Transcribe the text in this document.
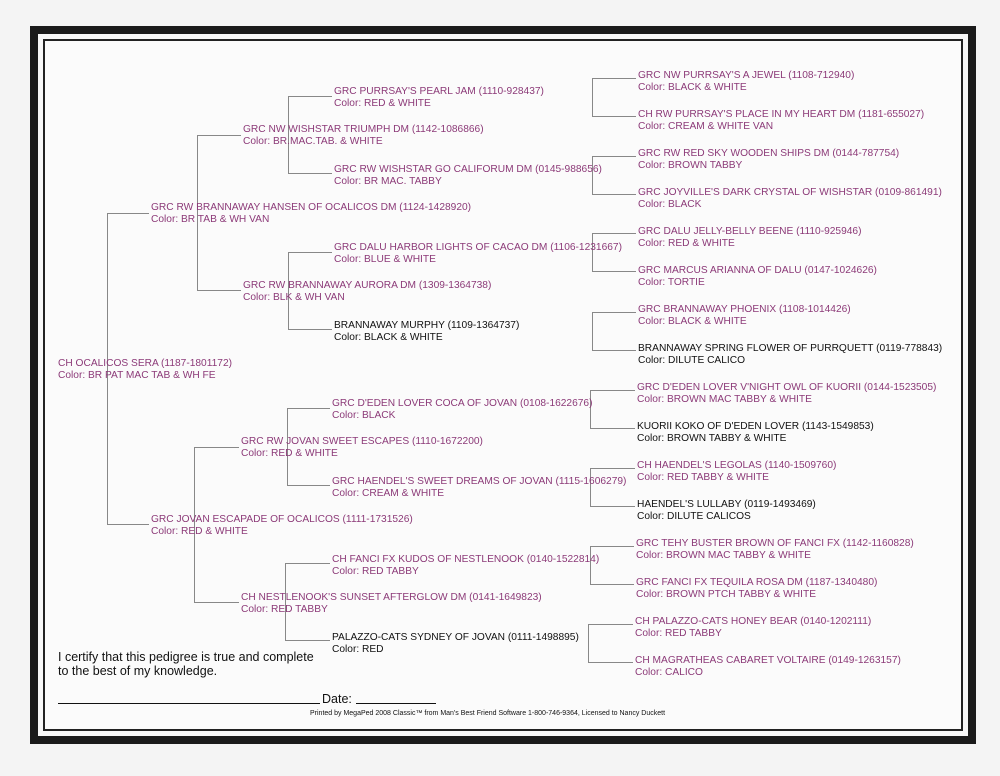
CH OCALICOS SERA (1187-1801172)
Color: BR PAT MAC TAB & WH FE
GRC RW BRANNAWAY HANSEN OF OCALICOS DM (1124-1428920)
Color: BR TAB & WH VAN
GRC JOVAN ESCAPADE OF OCALICOS (1111-1731526)
Color: RED & WHITE
GRC NW WISHSTAR TRIUMPH DM (1142-1086866)
Color: BR.MAC.TAB. & WHITE
GRC RW BRANNAWAY AURORA DM (1309-1364738)
Color: BLK & WH VAN
GRC RW JOVAN SWEET ESCAPES (1110-1672200)
Color: RED & WHITE
CH NESTLENOOK'S SUNSET AFTERGLOW DM (0141-1649823)
Color: RED TABBY
GRC PURRSAY'S PEARL JAM (1110-928437)
Color: RED & WHITE
GRC RW WISHSTAR GO CALIFORUM DM (0145-988656)
Color: BR MAC. TABBY
GRC DALU HARBOR LIGHTS OF CACAO DM (1106-1231667)
Color: BLUE & WHITE
BRANNAWAY MURPHY (1109-1364737)
Color: BLACK & WHITE
GRC D'EDEN LOVER COCA OF JOVAN (0108-1622676)
Color: BLACK
GRC HAENDEL'S SWEET DREAMS OF JOVAN (1115-1606279)
Color: CREAM & WHITE
CH FANCI FX KUDOS OF NESTLENOOK (0140-1522814)
Color: RED TABBY
PALAZZO-CATS SYDNEY OF JOVAN (0111-1498895)
Color: RED
GRC NW PURRSAY'S A JEWEL (1108-712940)
Color: BLACK & WHITE
CH RW PURRSAY'S PLACE IN MY HEART DM (1181-655027)
Color: CREAM & WHITE VAN
GRC RW RED SKY WOODEN SHIPS DM (0144-787754)
Color: BROWN TABBY
GRC JOYVILLE'S DARK CRYSTAL OF WISHSTAR (0109-861491)
Color: BLACK
GRC DALU JELLY-BELLY BEENE (1110-925946)
Color: RED & WHITE
GRC MARCUS ARIANNA OF DALU (0147-1024626)
Color: TORTIE
GRC BRANNAWAY PHOENIX (1108-1014426)
Color: BLACK & WHITE
BRANNAWAY SPRING FLOWER OF PURRQUETT (0119-778843)
Color: DILUTE CALICO
GRC D'EDEN LOVER V'NIGHT OWL OF KUORII (0144-1523505)
Color: BROWN MAC TABBY & WHITE
KUORII KOKO OF D'EDEN LOVER (1143-1549853)
Color: BROWN TABBY & WHITE
CH HAENDEL'S LEGOLAS (1140-1509760)
Color: RED TABBY & WHITE
HAENDEL'S LULLABY (0119-1493469)
Color: DILUTE CALICOS
GRC TEHY BUSTER BROWN OF FANCI FX (1142-1160828)
Color: BROWN MAC TABBY & WHITE
GRC FANCI FX TEQUILA ROSA DM (1187-1340480)
Color: BROWN PTCH TABBY & WHITE
CH PALAZZO-CATS HONEY BEAR (0140-1202111)
Color: RED TABBY
CH MAGRATHEAS CABARET VOLTAIRE (0149-1263157)
Color: CALICO
I certify that this pedigree is true and complete
to the best of my knowledge.
Date:
Printed by MegaPed 2008 Classic™ from Man's Best Friend Software 1-800-746-9364, Licensed to Nancy Duckett
